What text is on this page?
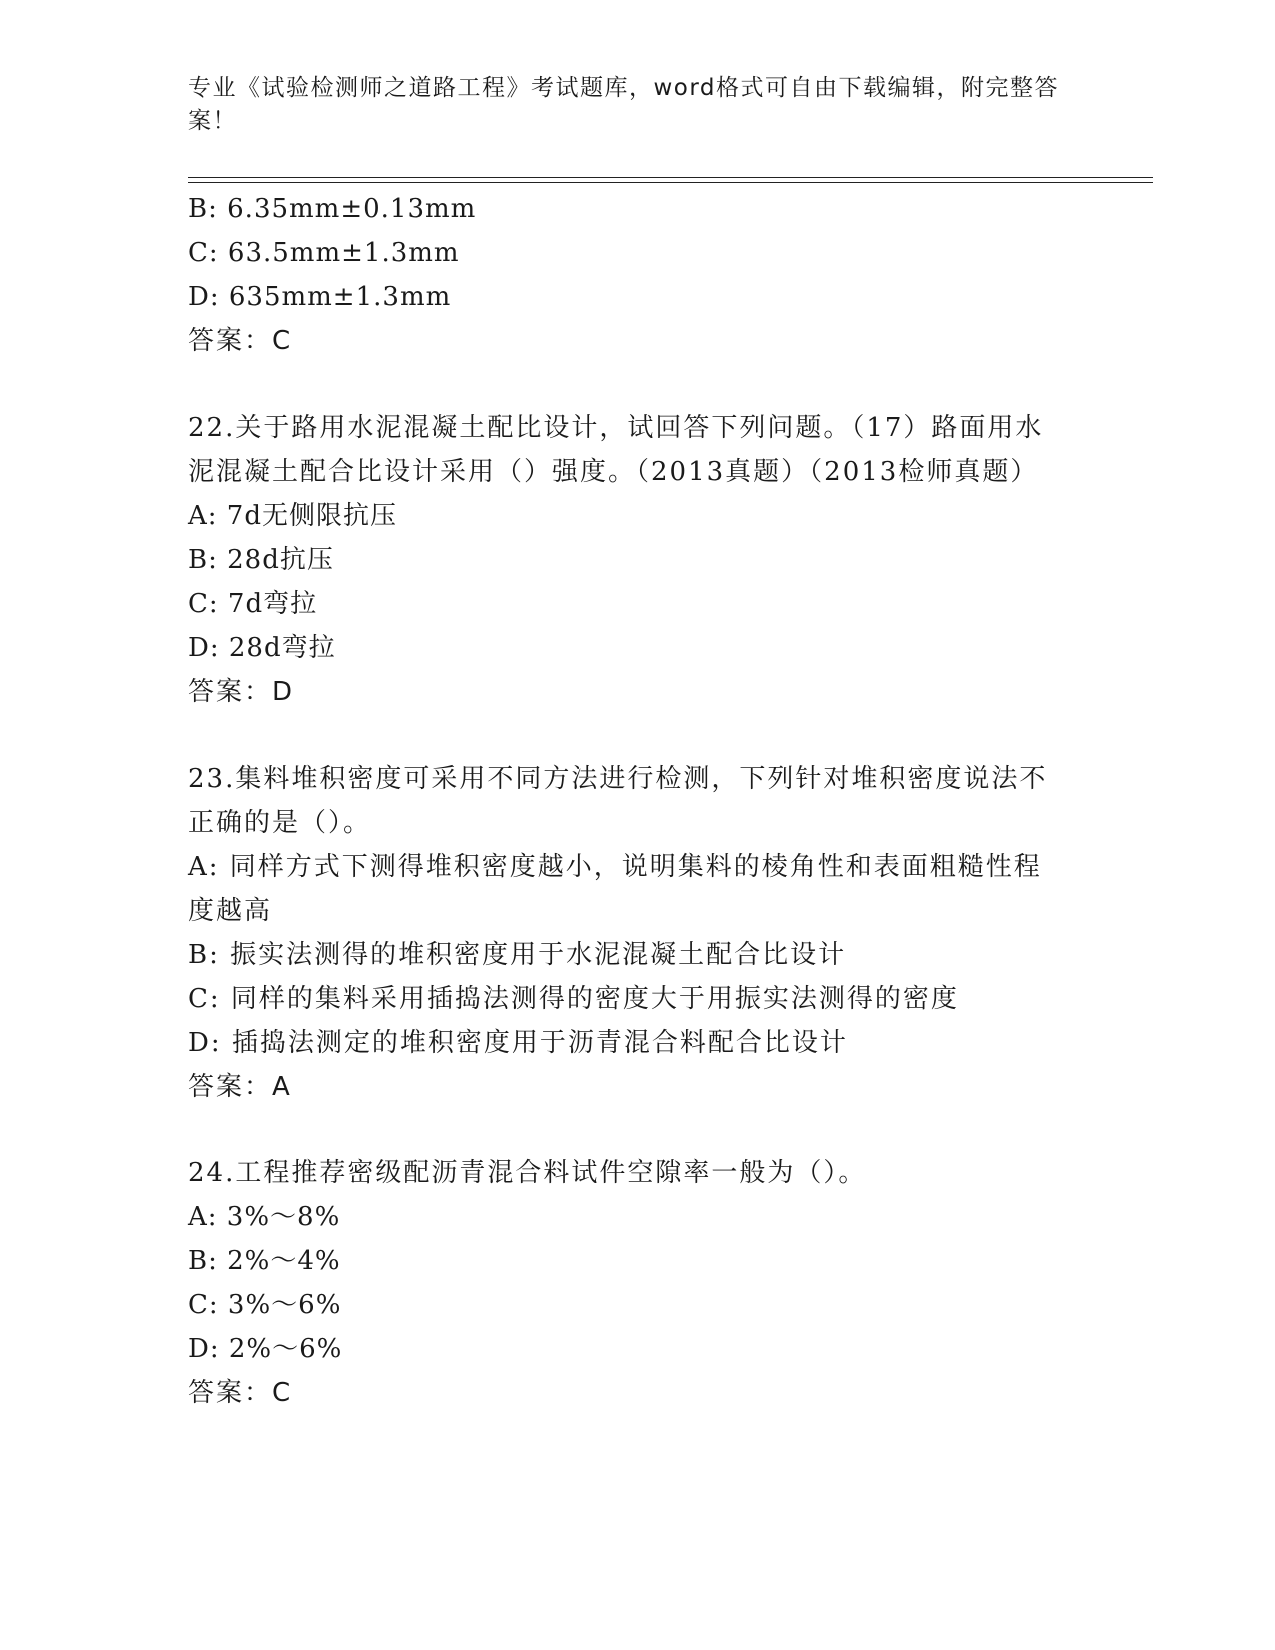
专业《试验检测师之道路工程》考试题库，word格式可自由下载编辑，附完整答
案！

B: 6.35mm±0.13mm

C: 63.5mm±1.3mm

D: 635mm±1.3mm

答案：C

22.关于路用水泥混凝土配比设计，试回答下列问题。（17）路面用水

泥混凝土配合比设计采用（）强度。（2013真题）（2013检师真题）

A: 7d无侧限抗压

B: 28d抗压

C: 7d弯拉

D: 28d弯拉

答案：D

23.集料堆积密度可采用不同方法进行检测，下列针对堆积密度说法不

正确的是（）。

A: 同样方式下测得堆积密度越小，说明集料的棱角性和表面粗糙性程

度越高

B: 振实法测得的堆积密度用于水泥混凝土配合比设计

C: 同样的集料采用插捣法测得的密度大于用振实法测得的密度

D: 插捣法测定的堆积密度用于沥青混合料配合比设计

答案：A

24.工程推荐密级配沥青混合料试件空隙率一般为（）。

A: 3%～8%

B: 2%～4%

C: 3%～6%

D: 2%～6%

答案：C
